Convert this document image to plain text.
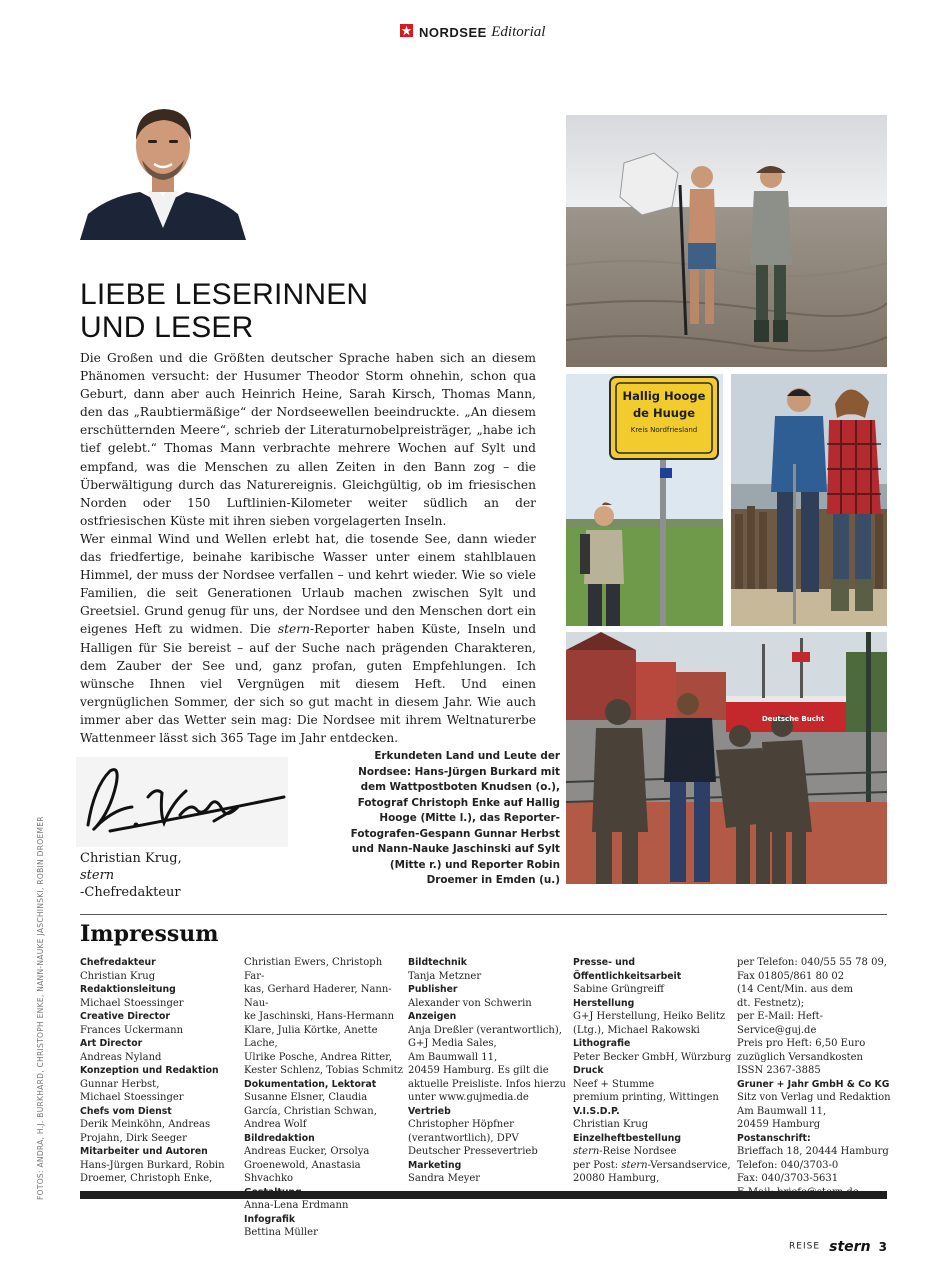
NORDSEE Editorial
LIEBE LESERINNEN
UND LESER

Die Großen und die Größten deutscher Sprache haben sich an diesem Phänomen versucht: der Husumer Theodor Storm ohnehin, schon qua Geburt, dann aber auch Heinrich Heine, Sarah Kirsch, Thomas Mann, den das „Raubtiermäßige“ der Nordseewellen beeindruckte. „An diesem erschütternden Meere“, schrieb der Literaturnobelpreisträger, „habe ich tief gelebt.“ Thomas Mann verbrachte mehrere Wochen auf Sylt und empfand, was die Menschen zu allen Zeiten in den Bann zog – die Überwältigung durch das Naturereignis. Gleichgültig, ob im friesischen Norden oder 150 Luftlinien-Kilometer weiter südlich an der ostfriesischen Küste mit ihren sieben vorgelagerten Inseln.

Wer einmal Wind und Wellen erlebt hat, die tosende See, dann wieder das friedfertige, beinahe karibische Wasser unter einem stahlblauen Himmel, der muss der Nordsee verfallen – und kehrt wieder. Wie so viele Familien, die seit Generationen Urlaub machen zwischen Sylt und Greetsiel. Grund genug für uns, der Nordsee und den Menschen dort ein eigenes Heft zu widmen. Die stern-Reporter haben Küste, Inseln und Halligen für Sie bereist – auf der Suche nach prägenden Charakteren, dem Zauber der See und, ganz profan, guten Empfehlungen. Ich wünsche Ihnen viel Vergnügen mit diesem Heft. Und einen vergnüglichen Sommer, der sich so gut macht in diesem Jahr. Wie auch immer aber das Wetter sein mag: Die Nordsee mit ihrem Weltnaturerbe Wattenmeer lässt sich 365 Tage im Jahr entdecken.

Christian Krug,
stern
-Chefredakteur
Erkundeten Land und Leute der Nordsee: Hans-Jürgen Burkard mit dem Wattpostboten Knudsen (o.), Fotograf Christoph Enke auf Hallig Hooge (Mitte l.), das Reporter-Fotografen-Gespann Gunnar Herbst und Nann-Nauke Jaschinski auf Sylt (Mitte r.) und Reporter Robin Droemer in Emden (u.)
Hallig Hooge
de Huuge
Kreis Nordfriesland
Deutsche Bucht
FOTOS: ANDRA, H.J. BURKHARD, CHRISTOPH ENKE, NANN-NAUKE JASCHINSKI, ROBIN DROEMER Impressum
Chefredakteur
Christian Krug
Redaktionsleitung
Michael Stoessinger
Creative Director
Frances Uckermann
Art Director
Andreas Nyland
Konzeption und Redaktion
Gunnar Herbst,
Michael Stoessinger
Chefs vom Dienst
Derik Meinköhn, Andreas
Projahn, Dirk Seeger
Mitarbeiter und Autoren
Hans-Jürgen Burkard, Robin
Droemer, Christoph Enke,
Christian Ewers, Christoph Far-
kas, Gerhard Haderer, Nann-Nau-
ke Jaschinski, Hans-Hermann
Klare, Julia Körtke, Anette Lache,
Ulrike Posche, Andrea Ritter,
Kester Schlenz, Tobias Schmitz
Dokumentation, Lektorat
Susanne Elsner, Claudia
García, Christian Schwan,
Andrea Wolf
Bildredaktion
Andreas Eucker, Orsolya
Groenewold, Anastasia Shvachko
Anna-Lena Erdmann
Infografik
Bettina Müller
Bildtechnik
Tanja Metzner
Publisher
Alexander von Schwerin
Anzeigen
Anja Dreßler (verantwortlich),
G+J Media Sales,
Am Baumwall 11,
20459 Hamburg. Es gilt die
aktuelle Preisliste. Infos hierzu
unter www.gujmedia.de
Vertrieb
Christopher Höpfner
(verantwortlich), DPV
Deutscher Pressevertrieb
Marketing
Sandra Meyer
Presse- und
Öffentlichkeitsarbeit
Sabine Grüngreiff
Herstellung
G+J Herstellung, Heiko Belitz
(Ltg.), Michael Rakowski
Lithografie
Peter Becker GmbH, Würzburg
Druck
Neef + Stumme
premium printing, Wittingen
V.I.S.D.P.
Christian Krug
Einzelheftbestellung
stern-Reise Nordsee
per Post: stern-Versandservice,
20080 Hamburg,
per Telefon: 040/55 55 78 09,
Fax 01805/861 80 02
(14 Cent/Min. aus dem
dt. Festnetz);
per E-Mail: Heft-Service@guj.de
Preis pro Heft: 6,50 Euro
zuzüglich Versandkosten
ISSN 2367-3885
Gruner + Jahr GmbH & Co KG
Sitz von Verlag und Redaktion
Am Baumwall 11,
20459 Hamburg
Postanschrift:
Brieffach 18, 20444 Hamburg
Telefon: 040/3703-0
Fax: 040/3703-5631
REISE stern 3
